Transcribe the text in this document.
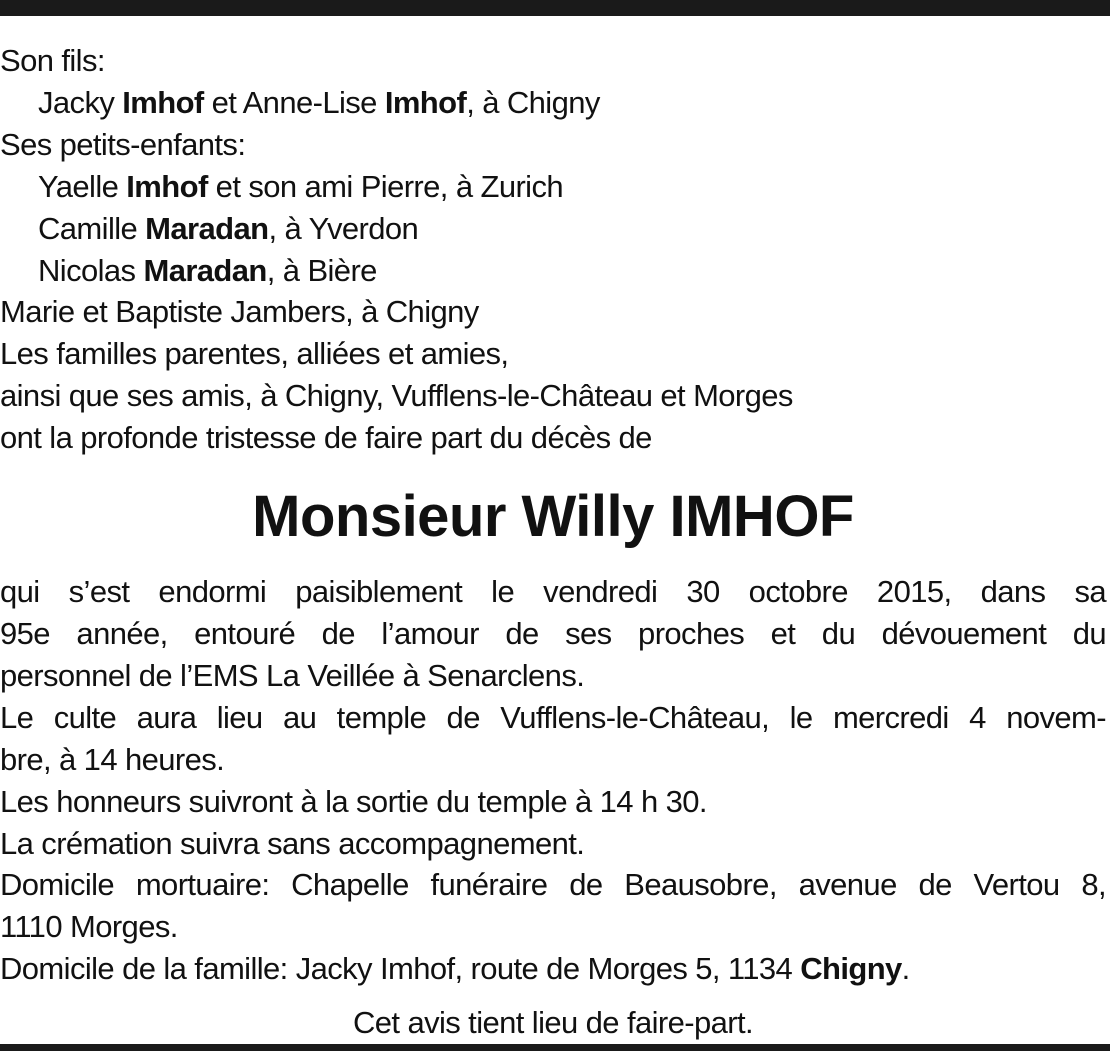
Son fils:
Jacky Imhof et Anne-Lise Imhof, à Chigny
Ses petits-enfants:
Yaelle Imhof et son ami Pierre, à Zurich
Camille Maradan, à Yverdon
Nicolas Maradan, à Bière
Marie et Baptiste Jambers, à Chigny
Les familles parentes, alliées et amies,
ainsi que ses amis, à Chigny, Vufflens-le-Château et Morges
ont la profonde tristesse de faire part du décès de
Monsieur Willy IMHOF
qui s’est endormi paisiblement le vendredi 30 octobre 2015, dans sa
95e année, entouré de l’amour de ses proches et du dévouement du
personnel de l’EMS La Veillée à Senarclens.
Le culte aura lieu au temple de Vufflens-le-Château, le mercredi 4 novem-
bre, à 14 heures.
Les honneurs suivront à la sortie du temple à 14 h 30.
La crémation suivra sans accompagnement.
Domicile mortuaire: Chapelle funéraire de Beausobre, avenue de Vertou 8,
1110 Morges.
Domicile de la famille: Jacky Imhof, route de Morges 5, 1134 Chigny.
Cet avis tient lieu de faire-part.
